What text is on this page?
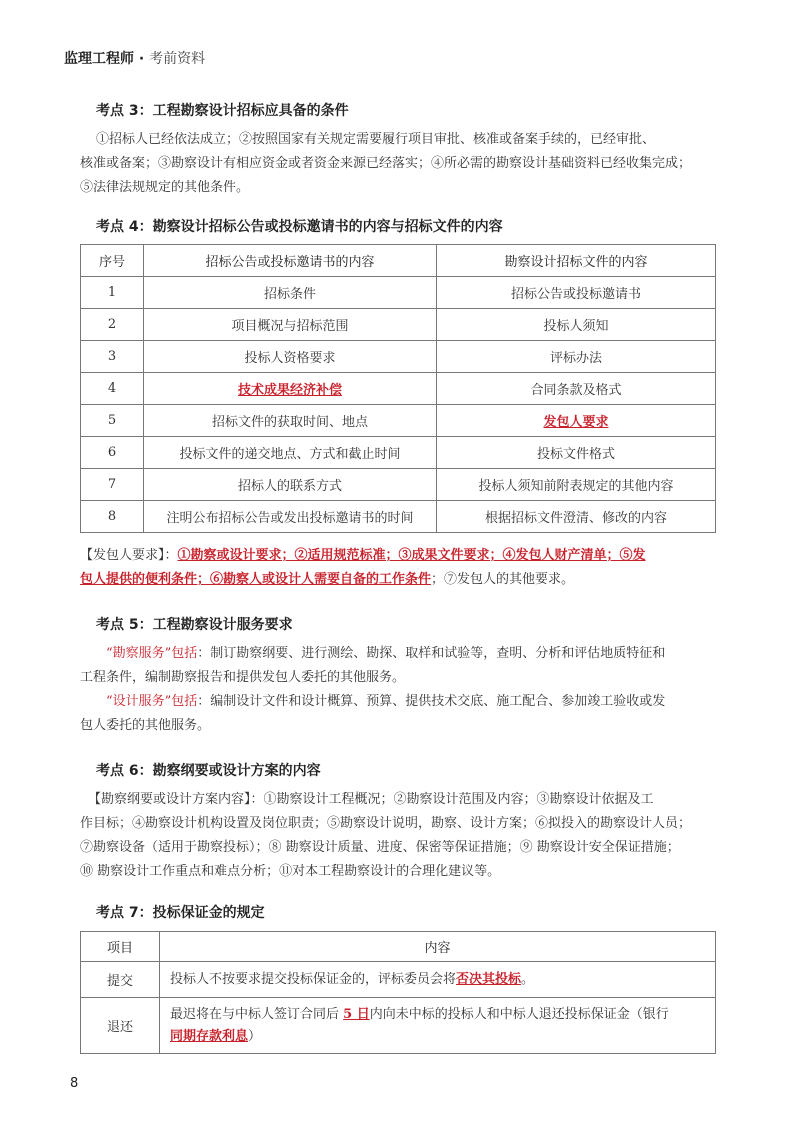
监理工程师 · 考前资料
考点 3：工程勘察设计招标应具备的条件
①招标人已经依法成立；②按照国家有关规定需要履行项目审批、核准或备案手续的，已经审批、
核准或备案；③勘察设计有相应资金或者资金来源已经落实；④所必需的勘察设计基础资料已经收集完成；
⑤法律法规规定的其他条件。
考点 4：勘察设计招标公告或投标邀请书的内容与招标文件的内容
序号	招标公告或投标邀请书的内容	勘察设计招标文件的内容
1	招标条件	招标公告或投标邀请书
2	项目概况与招标范围	投标人须知
3	投标人资格要求	评标办法
4	技术成果经济补偿	合同条款及格式
5	招标文件的获取时间、地点	发包人要求
6	投标文件的递交地点、方式和截止时间	投标文件格式
7	招标人的联系方式	投标人须知前附表规定的其他内容
8	注明公布招标公告或发出投标邀请书的时间	根据招标文件澄清、修改的内容
【发包人要求】：①勘察或设计要求；②适用规范标准；③成果文件要求；④发包人财产清单；⑤发
包人提供的便利条件；⑥勘察人或设计人需要自备的工作条件；⑦发包人的其他要求。
考点 5：工程勘察设计服务要求
“勘察服务”包括：制订勘察纲要、进行测绘、勘探、取样和试验等，查明、分析和评估地质特征和
工程条件，编制勘察报告和提供发包人委托的其他服务。
“设计服务”包括：编制设计文件和设计概算、预算、提供技术交底、施工配合、参加竣工验收或发
包人委托的其他服务。
考点 6：勘察纲要或设计方案的内容
【勘察纲要或设计方案内容】：①勘察设计工程概况；②勘察设计范围及内容；③勘察设计依据及工
作目标；④勘察设计机构设置及岗位职责；⑤勘察设计说明，勘察、设计方案；⑥拟投入的勘察设计人员；
⑦勘察设备（适用于勘察投标）；⑧ 勘察设计质量、进度、保密等保证措施；⑨ 勘察设计安全保证措施；
⑩ 勘察设计工作重点和难点分析；⑪对本工程勘察设计的合理化建议等。
考点 7：投标保证金的规定
项目	内容
提交	投标人不按要求提交投标保证金的，评标委员会将否决其投标。
退还	最迟将在与中标人签订合同后 5 日内向未中标的投标人和中标人退还投标保证金（银行
同期存款利息）
8
